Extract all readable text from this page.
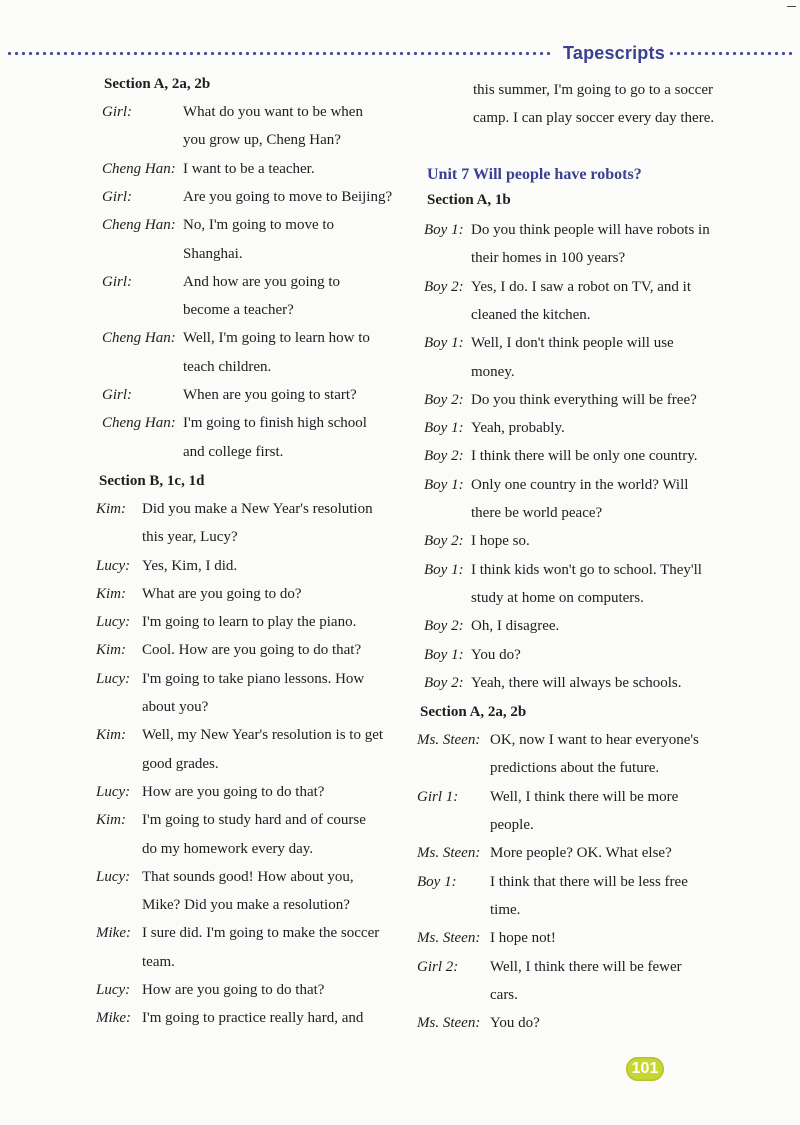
Tapescripts
Section A, 2a, 2b
Girl:	What do you want to be when
you grow up, Cheng Han?
Cheng Han: I want to be a teacher.
Girl:	Are you going to move to Beijing?
Cheng Han: No, I'm going to move to
Shanghai.
Girl:	And how are you going to
become a teacher?
Cheng Han: Well, I'm going to learn how to
teach children.
Girl:	When are you going to start?
Cheng Han: I'm going to finish high school
and college first.
Section B, 1c, 1d
Kim: Did you make a New Year's resolution
this year, Lucy?
Lucy: Yes, Kim, I did.
Kim: What are you going to do?
Lucy: I'm going to learn to play the piano.
Kim: Cool. How are you going to do that?
Lucy: I'm going to take piano lessons. How
about you?
Kim: Well, my New Year's resolution is to get
good grades.
Lucy: How are you going to do that?
Kim: I'm going to study hard and of course
do my homework every day.
Lucy: That sounds good! How about you,
Mike? Did you make a resolution?
Mike: I sure did. I'm going to make the soccer
team.
Lucy: How are you going to do that?
Mike: I'm going to practice really hard, and
this summer, I'm going to go to a soccer
camp. I can play soccer every day there.
Unit 7 Will people have robots?
Section A, 1b
Boy 1: Do you think people will have robots in
their homes in 100 years?
Boy 2: Yes, I do. I saw a robot on TV, and it
cleaned the kitchen.
Boy 1: Well, I don't think people will use
money.
Boy 2: Do you think everything will be free?
Boy 1: Yeah, probably.
Boy 2: I think there will be only one country.
Boy 1: Only one country in the world? Will
there be world peace?
Boy 2: I hope so.
Boy 1: I think kids won't go to school. They'll
study at home on computers.
Boy 2: Oh, I disagree.
Boy 1: You do?
Boy 2: Yeah, there will always be schools.
Section A, 2a, 2b
Ms. Steen: OK, now I want to hear everyone's
predictions about the future.
Girl 1: Well, I think there will be more
people.
Ms. Steen: More people? OK. What else?
Boy 1: I think that there will be less free
time.
Ms. Steen: I hope not!
Girl 2: Well, I think there will be fewer
cars.
Ms. Steen: You do?
101
